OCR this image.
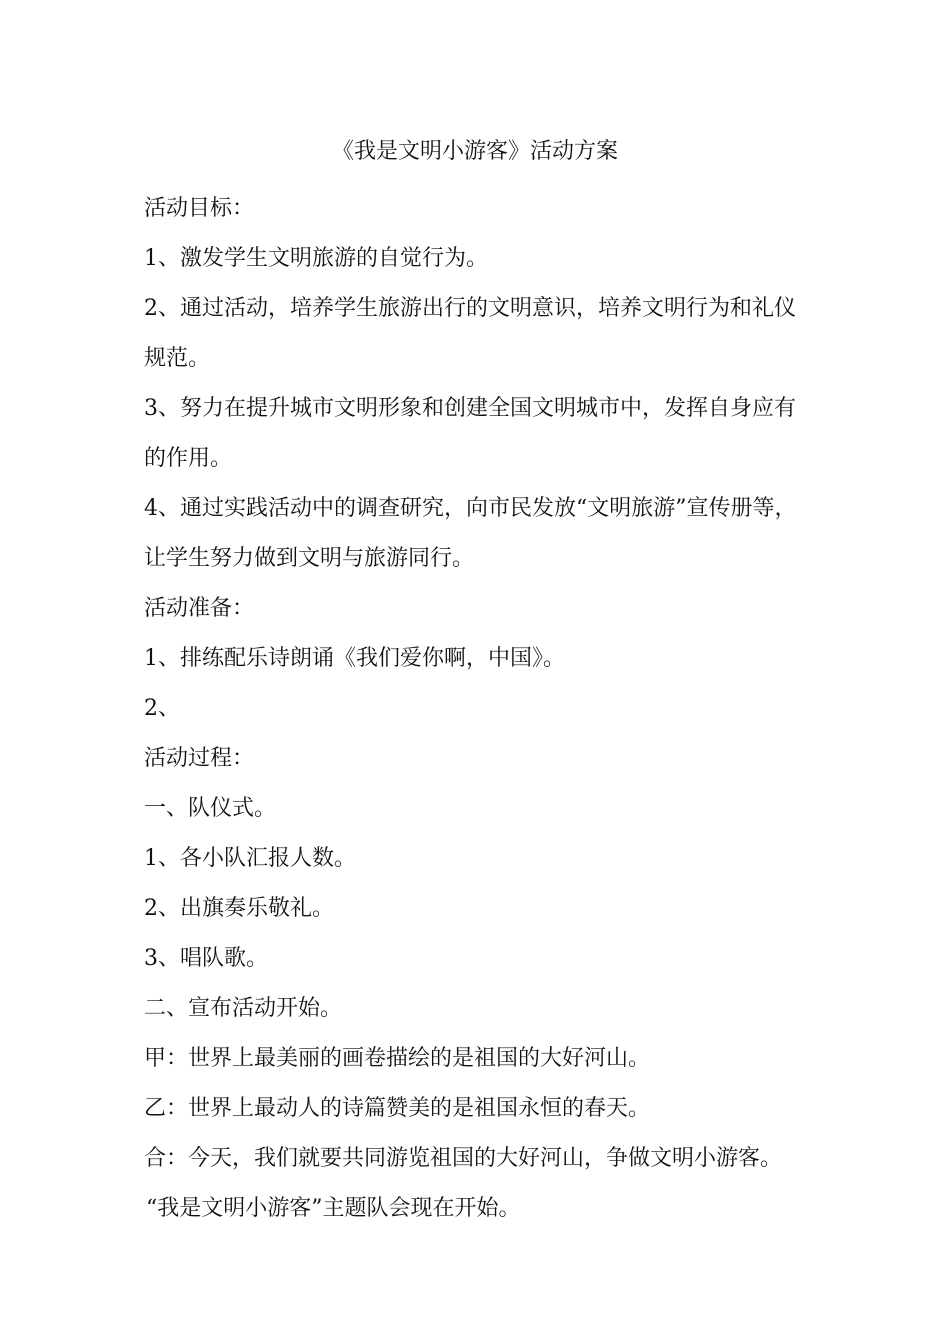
《我是文明小游客》活动方案
活动目标：
1、激发学生文明旅游的自觉行为。
2、通过活动，培养学生旅游出行的文明意识，培养文明行为和礼仪
规范。
3、努力在提升城市文明形象和创建全国文明城市中，发挥自身应有
的作用。
4、通过实践活动中的调查研究，向市民发放“文明旅游”宣传册等，
让学生努力做到文明与旅游同行。
活动准备：
1、排练配乐诗朗诵《我们爱你啊，中国》。
2、
活动过程：
一、队仪式。
1、各小队汇报人数。
2、出旗奏乐敬礼。
3、唱队歌。
二、宣布活动开始。
甲：世界上最美丽的画卷描绘的是祖国的大好河山。
乙：世界上最动人的诗篇赞美的是祖国永恒的春天。
合：今天，我们就要共同游览祖国的大好河山，争做文明小游客。
“我是文明小游客”主题队会现在开始。
